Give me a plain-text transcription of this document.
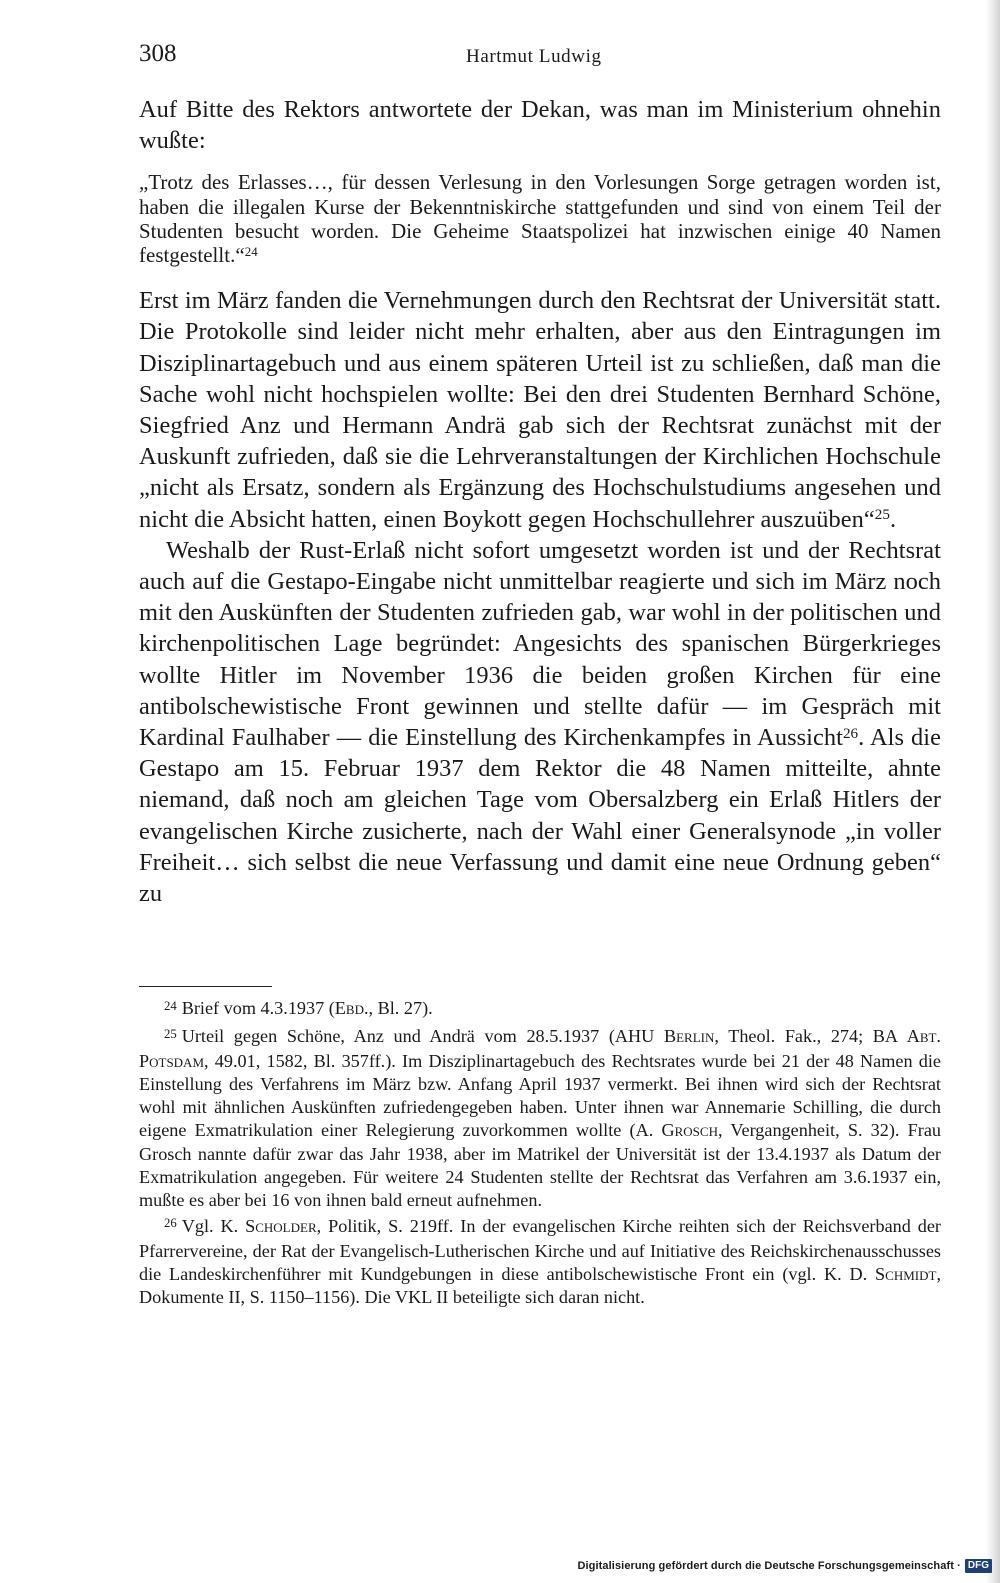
308	Hartmut Ludwig

Auf Bitte des Rektors antwortete der Dekan, was man im Ministerium ohnehin wußte:

„Trotz des Erlasses…, für dessen Verlesung in den Vorlesungen Sorge getragen worden ist, haben die illegalen Kurse der Bekenntniskirche stattgefunden und sind von einem Teil der Studenten besucht worden. Die Geheime Staatspolizei hat inzwischen einige 40 Namen festgestellt.“$^{24}$

Erst im März fanden die Vernehmungen durch den Rechtsrat der Universität statt. Die Protokolle sind leider nicht mehr erhalten, aber aus den Eintragungen im Disziplinartagebuch und aus einem späteren Urteil ist zu schließen, daß man die Sache wohl nicht hochspielen wollte: Bei den drei Studenten Bernhard Schöne, Siegfried Anz und Hermann Andrä gab sich der Rechtsrat zunächst mit der Auskunft zufrieden, daß sie die Lehrveranstaltungen der Kirchlichen Hochschule „nicht als Ersatz, sondern als Ergänzung des Hochschulstudiums angesehen und nicht die Absicht hatten, einen Boykott gegen Hochschullehrer auszuüben“$^{25}$.

Weshalb der Rust-Erlaß nicht sofort umgesetzt worden ist und der Rechtsrat auch auf die Gestapo-Eingabe nicht unmittelbar reagierte und sich im März noch mit den Auskünften der Studenten zufrieden gab, war wohl in der politischen und kirchenpolitischen Lage begründet: Angesichts des spanischen Bürgerkrieges wollte Hitler im November 1936 die beiden großen Kirchen für eine antibolschewistische Front gewinnen und stellte dafür — im Gespräch mit Kardinal Faulhaber — die Einstellung des Kirchenkampfes in Aussicht$^{26}$. Als die Gestapo am 15. Februar 1937 dem Rektor die 48 Namen mitteilte, ahnte niemand, daß noch am gleichen Tage vom Obersalzberg ein Erlaß Hitlers der evangelischen Kirche zusicherte, nach der Wahl einer Generalsynode „in voller Freiheit… sich selbst die neue Verfassung und damit eine neue Ordnung geben“ zu

$^{24}$ Brief vom 4.3.1937 (Ebd., Bl. 27).

$^{25}$ Urteil gegen Schöne, Anz und Andrä vom 28.5.1937 (AHU Berlin, Theol. Fak., 274; BA Abt. Potsdam, 49.01, 1582, Bl. 357ff.). Im Disziplinartagebuch des Rechtsrates wurde bei 21 der 48 Namen die Einstellung des Verfahrens im März bzw. Anfang April 1937 vermerkt. Bei ihnen wird sich der Rechtsrat wohl mit ähnlichen Auskünften zufriedengegeben haben. Unter ihnen war Annemarie Schilling, die durch eigene Exmatrikulation einer Relegierung zuvorkommen wollte (A. Grosch, Vergangenheit, S. 32). Frau Grosch nannte dafür zwar das Jahr 1938, aber im Matrikel der Universität ist der 13.4.1937 als Datum der Exmatrikulation angegeben. Für weitere 24 Studenten stellte der Rechtsrat das Verfahren am 3.6.1937 ein, mußte es aber bei 16 von ihnen bald erneut aufnehmen.

$^{26}$ Vgl. K. Scholder, Politik, S. 219ff. In der evangelischen Kirche reihten sich der Reichsverband der Pfarrervereine, der Rat der Evangelisch-Lutherischen Kirche und auf Initiative des Reichskirchenausschusses die Landeskirchenführer mit Kundgebungen in diese antibolschewistische Front ein (vgl. K. D. Schmidt, Dokumente II, S. 1150–1156). Die VKL II beteiligte sich daran nicht.

Digitalisierung gefördert durch die Deutsche Forschungsgemeinschaft · DFG
